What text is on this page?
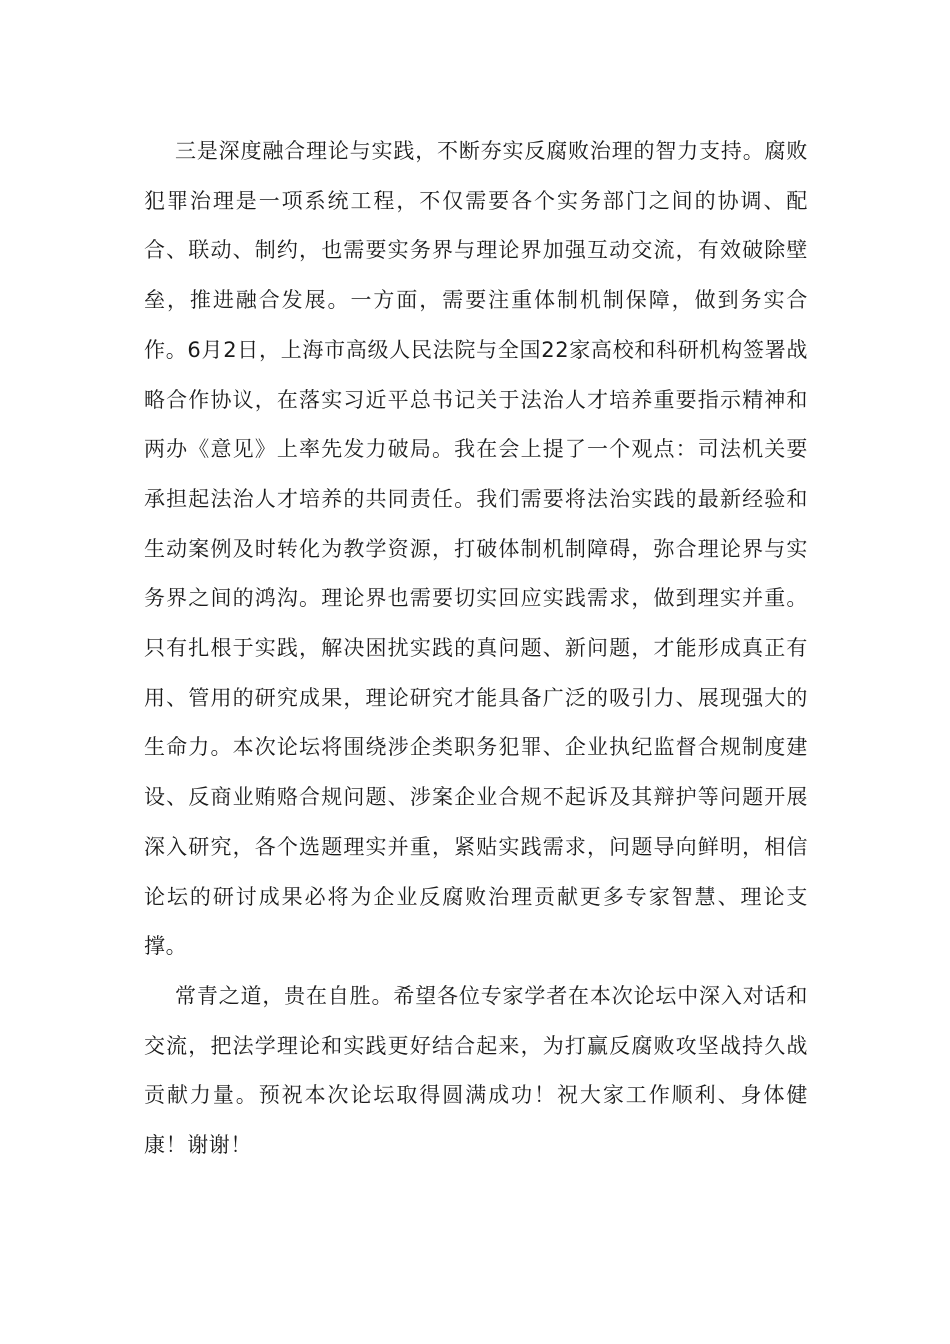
三是深度融合理论与实践，不断夯实反腐败治理的智力支持。腐败犯罪治理是一项系统工程，不仅需要各个实务部门之间的协调、配合、联动、制约，也需要实务界与理论界加强互动交流，有效破除壁垒，推进融合发展。一方面，需要注重体制机制保障，做到务实合作。6月2日，上海市高级人民法院与全国22家高校和科研机构签署战略合作协议，在落实习近平总书记关于法治人才培养重要指示精神和两办《意见》上率先发力破局。我在会上提了一个观点：司法机关要承担起法治人才培养的共同责任。我们需要将法治实践的最新经验和生动案例及时转化为教学资源，打破体制机制障碍，弥合理论界与实务界之间的鸿沟。理论界也需要切实回应实践需求，做到理实并重。只有扎根于实践，解决困扰实践的真问题、新问题，才能形成真正有用、管用的研究成果，理论研究才能具备广泛的吸引力、展现强大的生命力。本次论坛将围绕涉企类职务犯罪、企业执纪监督合规制度建设、反商业贿赂合规问题、涉案企业合规不起诉及其辩护等问题开展深入研究，各个选题理实并重，紧贴实践需求，问题导向鲜明，相信论坛的研讨成果必将为企业反腐败治理贡献更多专家智慧、理论支撑。

常青之道，贵在自胜。希望各位专家学者在本次论坛中深入对话和交流，把法学理论和实践更好结合起来，为打赢反腐败攻坚战持久战贡献力量。预祝本次论坛取得圆满成功！祝大家工作顺利、身体健康！谢谢！
